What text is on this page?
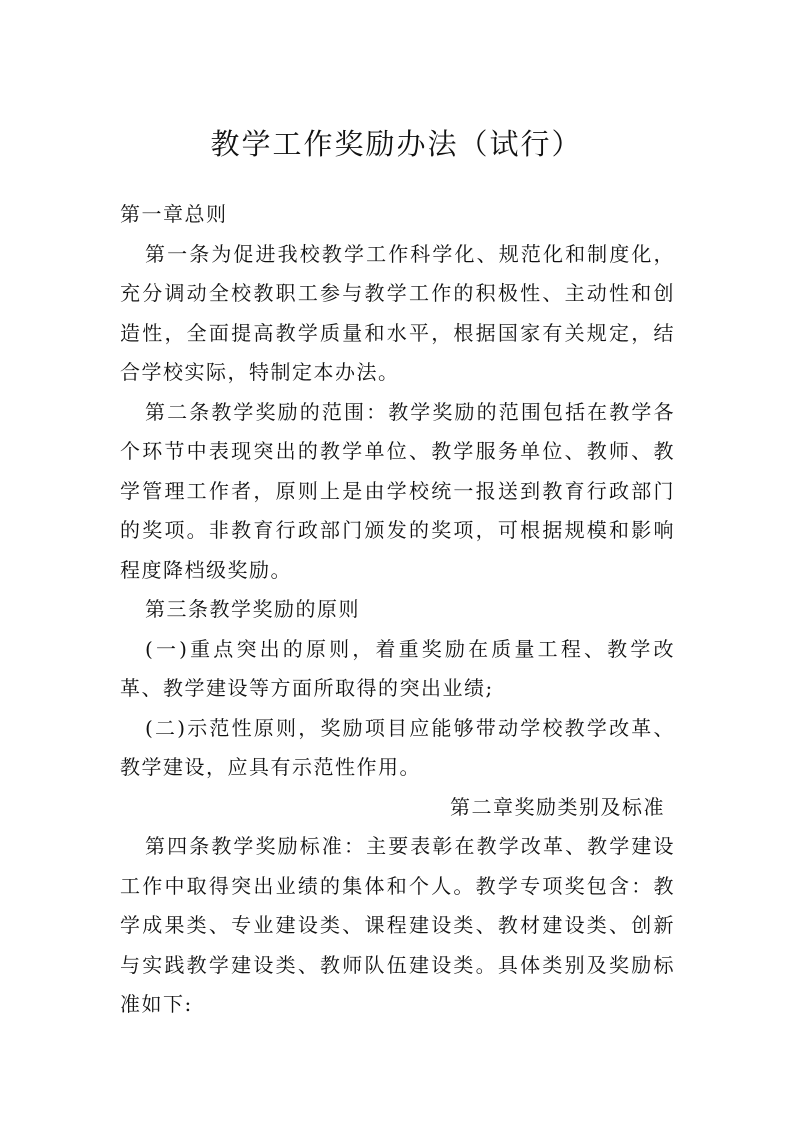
教学工作奖励办法（试行）

第一章总则

第一条为促进我校教学工作科学化、规范化和制度化，充分调动全校教职工参与教学工作的积极性、主动性和创造性，全面提高教学质量和水平，根据国家有关规定，结合学校实际，特制定本办法。

第二条教学奖励的范围：教学奖励的范围包括在教学各个环节中表现突出的教学单位、教学服务单位、教师、教学管理工作者，原则上是由学校统一报送到教育行政部门的奖项。非教育行政部门颁发的奖项，可根据规模和影响程度降档级奖励。

第三条教学奖励的原则

(一)重点突出的原则，着重奖励在质量工程、教学改革、教学建设等方面所取得的突出业绩;

(二)示范性原则，奖励项目应能够带动学校教学改革、教学建设，应具有示范性作用。

第二章奖励类别及标准

第四条教学奖励标准：主要表彰在教学改革、教学建设工作中取得突出业绩的集体和个人。教学专项奖包含：教学成果类、专业建设类、课程建设类、教材建设类、创新与实践教学建设类、教师队伍建设类。具体类别及奖励标准如下:
